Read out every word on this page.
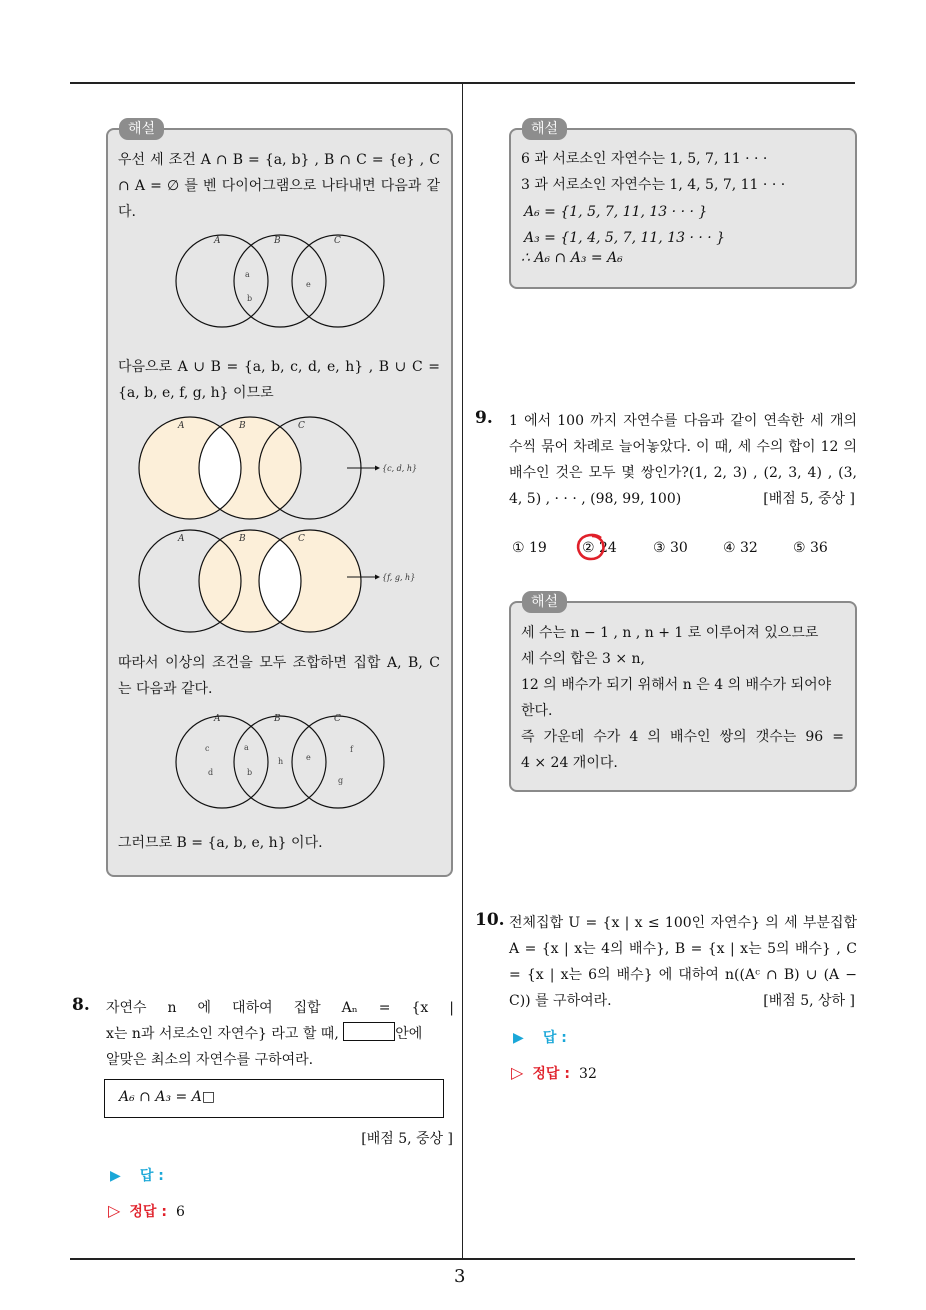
3
해설
우선 세 조건 A ∩ B = {a, b} , B ∩ C = {e} , C ∩ A = ∅ 를 벤 다이어그램으로 나타내면 다음과 같다.
A	B	C
a
b
e
다음으로 A ∪ B = {a, b, c, d, e, h} , B ∪ C = {a, b, e, f, g, h} 이므로
A	B	C
{c, d, h}
A	B	C
{f, g, h}
따라서 이상의 조건을 모두 조합하면 집합 A, B, C 는 다음과 같다.
A	B	C
c
d
a
b
h	e
f
g
그러므로 B = {a, b, e, h} 이다.
8. 자연수 n 에 대하여 집합 Aₙ = {x |
x는 n과 서로소인 자연수} 라고 할 때,	안에
알맞은 최소의 자연수를 구하여라.
A₆ ∩ A₃ = A□
[배점 5, 중상 ]
▶ 답 :
▷ 정답 : 6
해설
6 과 서로소인 자연수는 1, 5, 7, 11 · · ·
3 과 서로소인 자연수는 1, 4, 5, 7, 11 · · ·
A₆ = {1, 5, 7, 11, 13 · · · }
A₃ = {1, 4, 5, 7, 11, 13 · · · }
∴ A₆ ∩ A₃ = A₆
9. 1 에서 100 까지 자연수를 다음과 같이 연속한 세 개의 수씩 묶어 차례로 늘어놓았다. 이 때, 세 수의 합이 12 의 배수인 것은 모두 몇 쌍인가?(1, 2, 3) , (2, 3, 4) , (3, 4, 5) , · · · , (98, 99, 100)	[배점 5, 중상 ]
① 19	② 24	③ 30	④ 32	⑤ 36
해설
세 수는 n − 1 , n , n + 1 로 이루어져 있으므로
세 수의 합은 3 × n,
12 의 배수가 되기 위해서 n 은 4 의 배수가 되어야
한다.
즉 가운데 수가 4 의 배수인 쌍의 갯수는 96 =
4 × 24 개이다.
10. 전체집합 U = {x | x ≤ 100인 자연수} 의 세 부분집합 A = {x | x는 4의 배수}, B = {x | x는 5의 배수} , C = {x | x는 6의 배수} 에 대하여 n((Aᶜ ∩ B) ∪ (A − C)) 를 구하여라.	[배점 5, 상하 ]
▶ 답 :
▷ 정답 : 32
